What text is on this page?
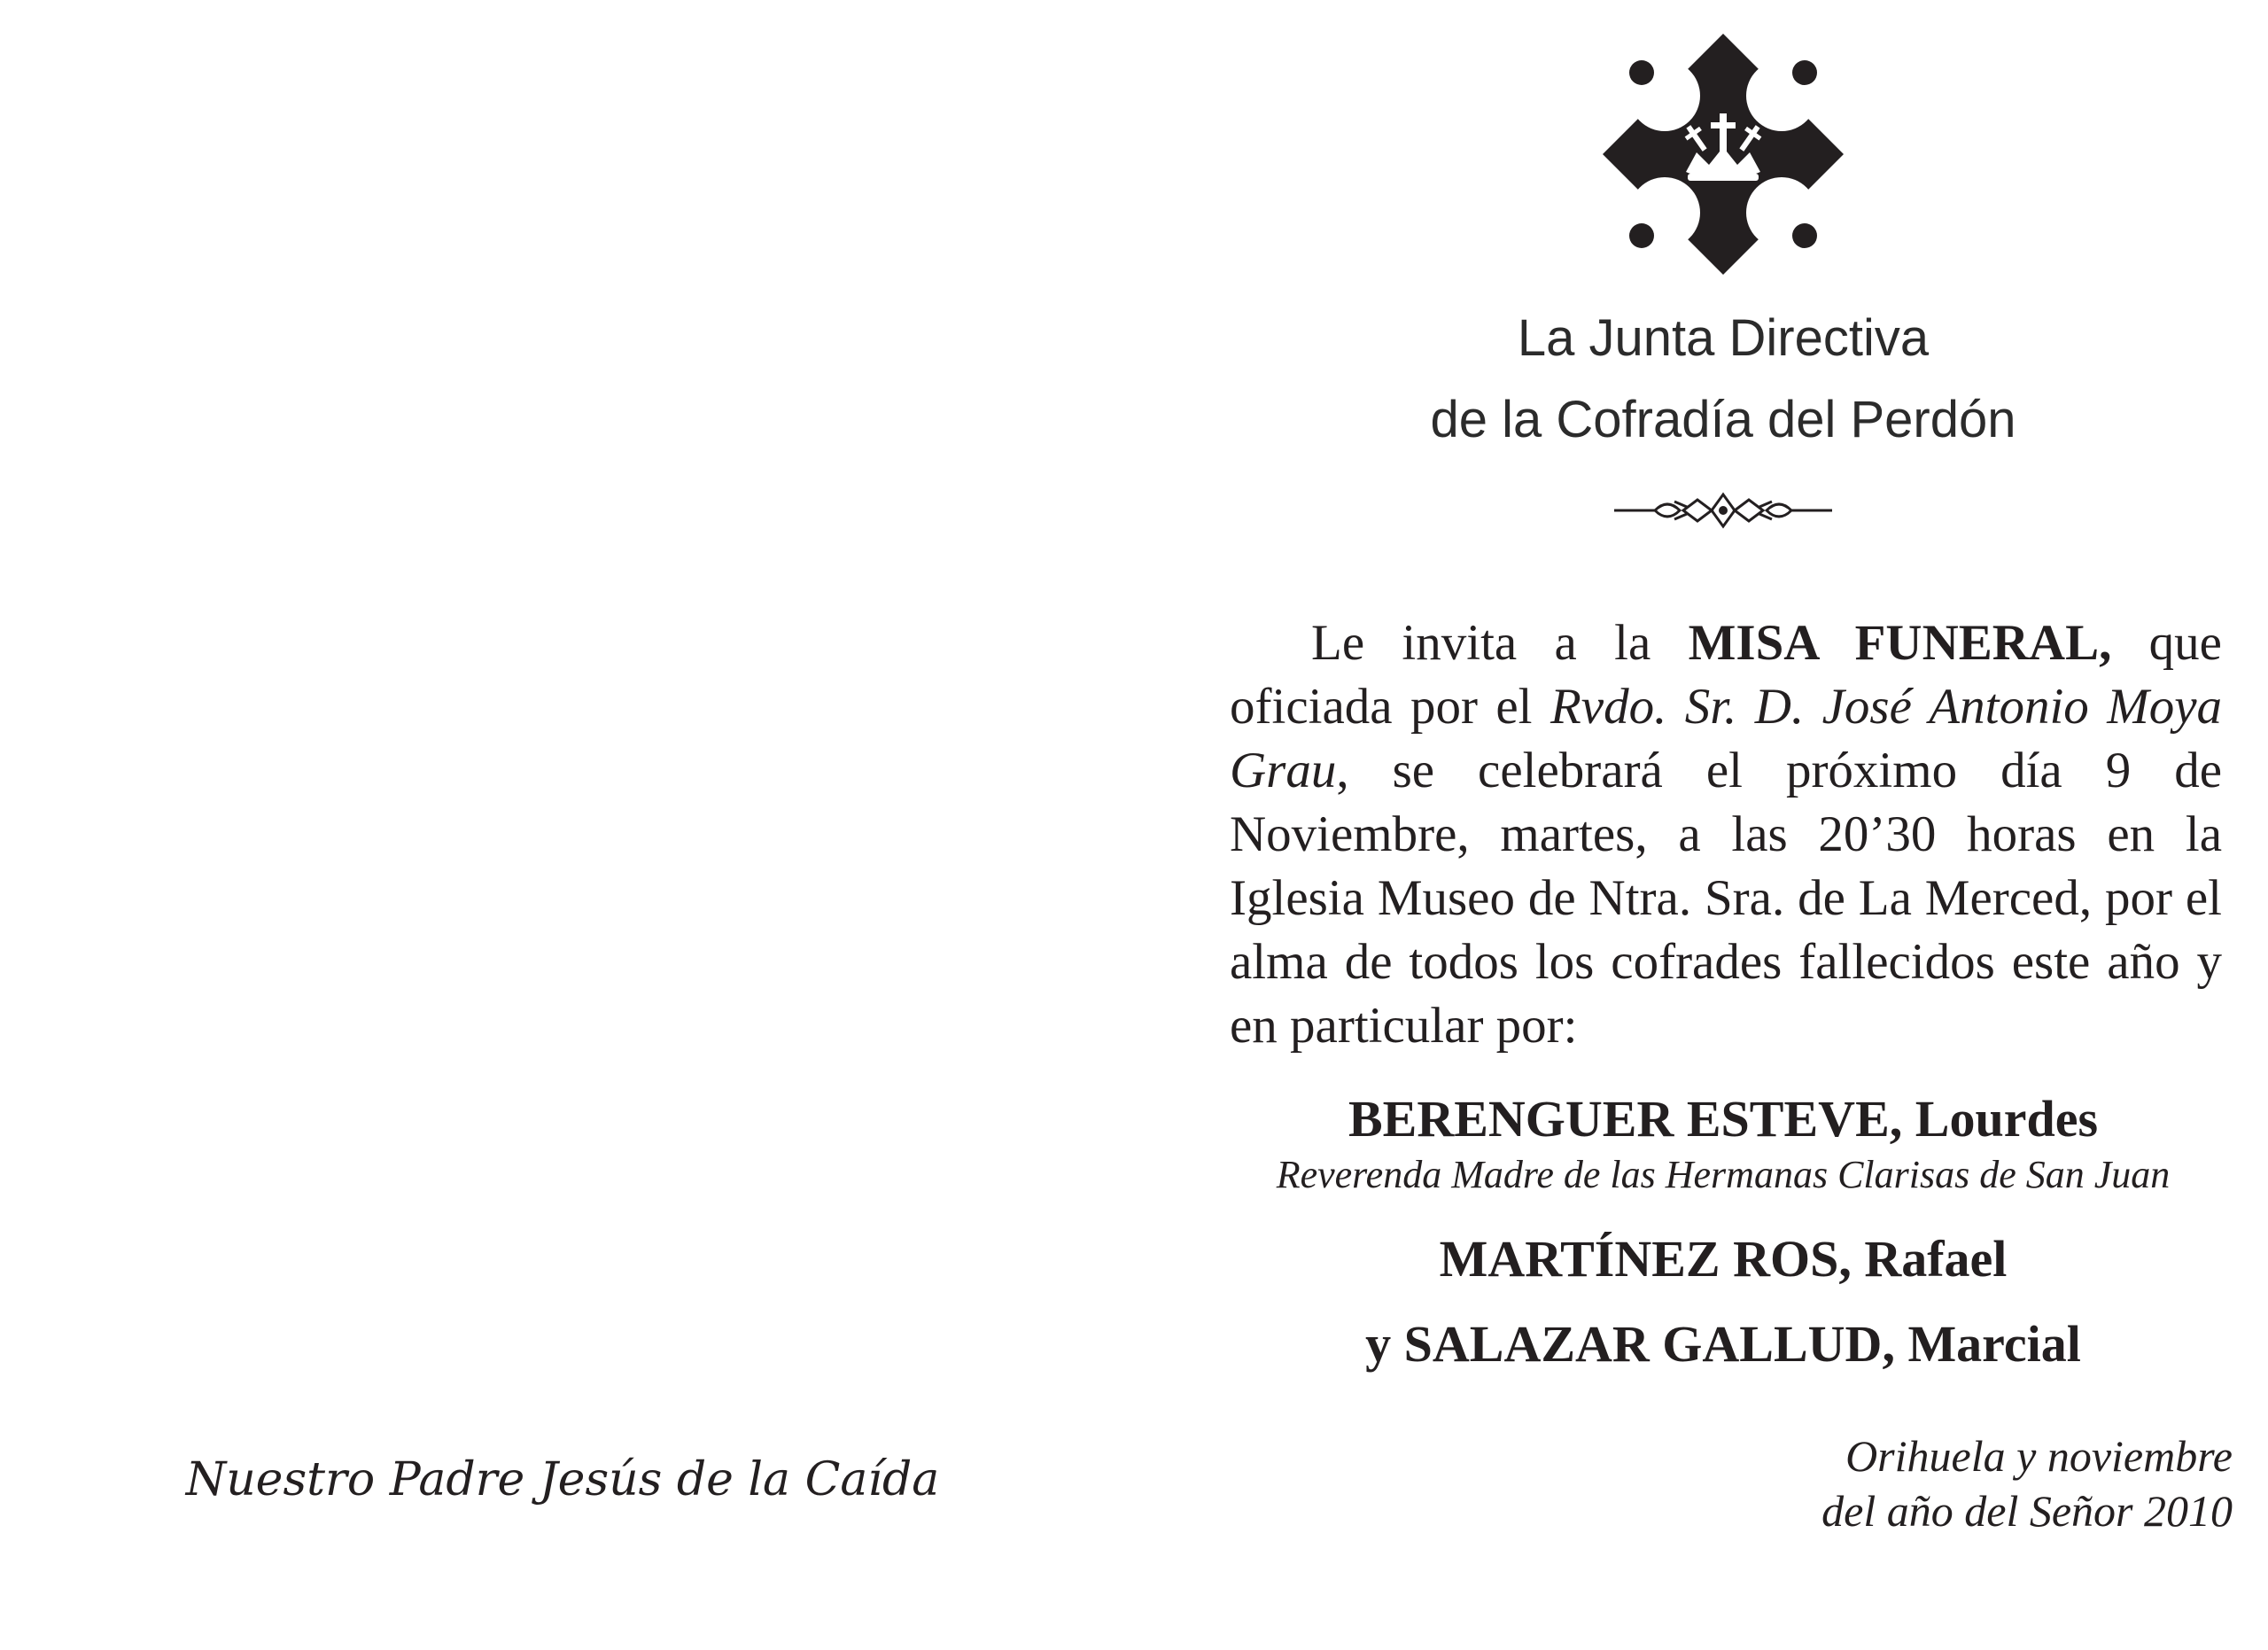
Nuestro Padre Jesús de la Caída
La Junta Directiva
de la Cofradía del Perdón
Le invita a la MISA FUNERAL, que oficiada por el Rvdo. Sr. D. José Antonio Moya Grau, se celebrará el próximo día 9 de Noviembre, martes, a las 20’30 horas en la Iglesia Museo de Ntra. Sra. de La Merced, por el alma de todos los cofrades fallecidos este año y en particular por:
BERENGUER ESTEVE, Lourdes
Reverenda Madre de las Hermanas Clarisas de San Juan
MARTÍNEZ ROS, Rafael
y SALAZAR GALLUD, Marcial
Orihuela y noviembre
del año del Señor 2010
